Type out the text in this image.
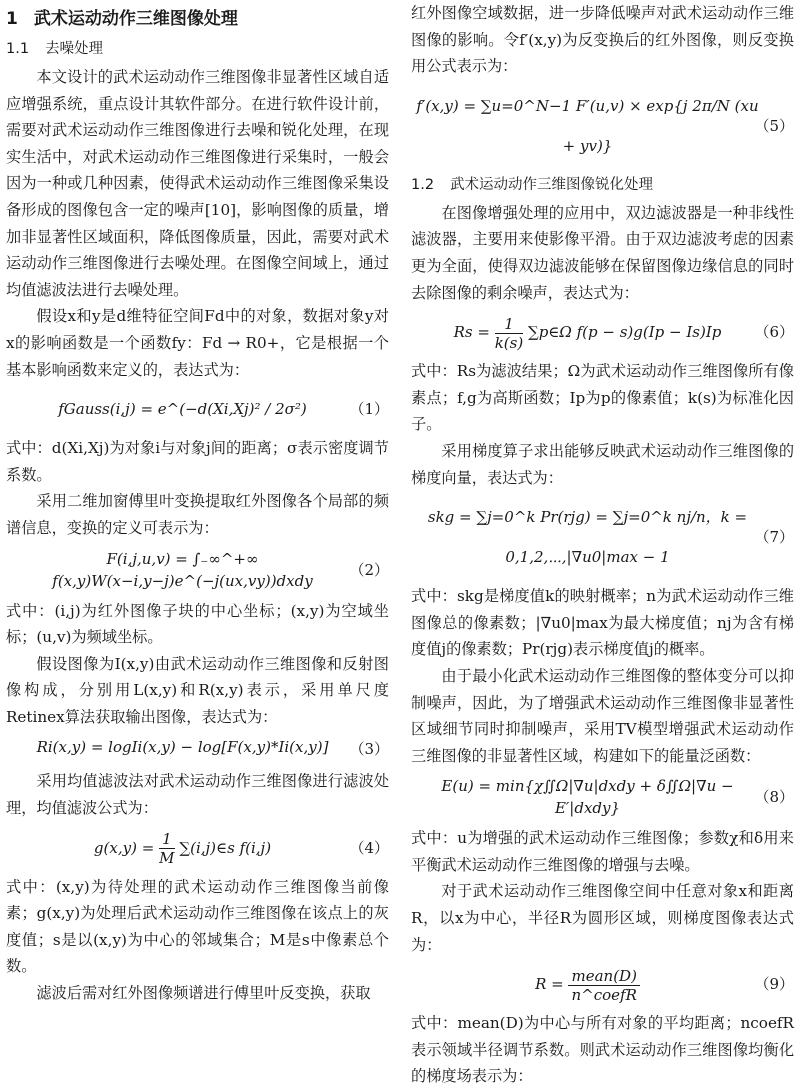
1 武术运动动作三维图像处理
1.1 去噪处理

本文设计的武术运动动作三维图像非显著性区域自适应增强系统，重点设计其软件部分。在进行软件设计前，需要对武术运动动作三维图像进行去噪和锐化处理，在现实生活中，对武术运动动作三维图像进行采集时，一般会因为一种或几种因素，使得武术运动动作三维图像采集设备形成的图像包含一定的噪声[10]，影响图像的质量，增加非显著性区域面积，降低图像质量，因此，需要对武术运动动作三维图像进行去噪处理。在图像空间域上，通过均值滤波法进行去噪处理。

假设x和y是d维特征空间Fd中的对象，数据对象y对x的影响函数是一个函数fy：Fd → R0+，它是根据一个基本影响函数来定义的，表达式为：

fGauss(i,j) = e^(−d(Xi,Xj)² / 2σ²)	（1）

式中：d(Xi,Xj)为对象i与对象j间的距离；σ表示密度调节系数。

采用二维加窗傅里叶变换提取红外图像各个局部的频谱信息，变换的定义可表示为：

F(i,j,u,v) = ∫₋∞^+∞ f(x,y)W(x−i,y−j)e^(−j(ux,vy))dxdy
（2）

式中：(i,j)为红外图像子块的中心坐标；(x,y)为空域坐标；(u,v)为频域坐标。

假设图像为I(x,y)由武术运动动作三维图像和反射图像构成，分别用L(x,y)和R(x,y)表示，采用单尺度Retinex算法获取输出图像，表达式为：

Ri(x,y) = logIi(x,y) − log[F(x,y)*Ii(x,y)] （3）

采用均值滤波法对武术运动动作三维图像进行滤波处理，均值滤波公式为：

$g(x,y) = \frac{1}{M}$ ∑(i,j)∈s f(i,j)	（4）

式中：(x,y)为待处理的武术运动动作三维图像当前像素；g(x,y)为处理后武术运动动作三维图像在该点上的灰度值；s是以(x,y)为中心的邻域集合；M是s中像素总个数。

滤波后需对红外图像频谱进行傅里叶反变换，获取

红外图像空域数据，进一步降低噪声对武术运动动作三维图像的影响。令f′(x,y)为反变换后的红外图像，则反变换用公式表示为：

f′(x,y) = ∑u=0^N−1 F′(u,v) × exp{j 2π/N (xu + yv)}
（5）
1.2 武术运动动作三维图像锐化处理

在图像增强处理的应用中，双边滤波器是一种非线性滤波器，主要用来使影像平滑。由于双边滤波考虑的因素更为全面，使得双边滤波能够在保留图像边缘信息的同时去除图像的剩余噪声，表达式为：

$Rs = \frac{1}{k(s)}$ ∑p∈Ω f(p − s)g(Ip − Is)Ip （6）

式中：Rs为滤波结果；Ω为武术运动动作三维图像所有像素点；f,g为高斯函数；Ip为p的像素值；k(s)为标准化因子。

采用梯度算子求出能够反映武术运动动作三维图像的梯度向量，表达式为：

skg = ∑j=0^k Pr(rjg) = ∑j=0^k nj/n，k = 0,1,2,⋯,|∇u0|max − 1
（7）

式中：skg是梯度值k的映射概率；n为武术运动动作三维图像总的像素数；|∇u0|max为最大梯度值；nj为含有梯度值j的像素数；Pr(rjg)表示梯度值j的概率。

由于最小化武术运动动作三维图像的整体变分可以抑制噪声，因此，为了增强武术运动动作三维图像非显著性区域细节同时抑制噪声，采用TV模型增强武术运动动作三维图像的非显著性区域，构建如下的能量泛函数：

E(u) = min{χ∬Ω|∇u|dxdy + δ∬Ω|∇u − E′|dxdy}
（8）

式中：u为增强的武术运动动作三维图像；参数χ和δ用来平衡武术运动动作三维图像的增强与去噪。

对于武术运动动作三维图像空间中任意对象x和距离R，以x为中心，半径R为圆形区域，则梯度图像表达式为：

$R = \frac{\text{mean(D)}}{\text{n\textasciicircum{}coefR}}$	（9）

式中：mean(D)为中心与所有对象的平均距离；ncoefR表示领域半径调节系数。则武术运动动作三维图像均衡化的梯度场表示为：
